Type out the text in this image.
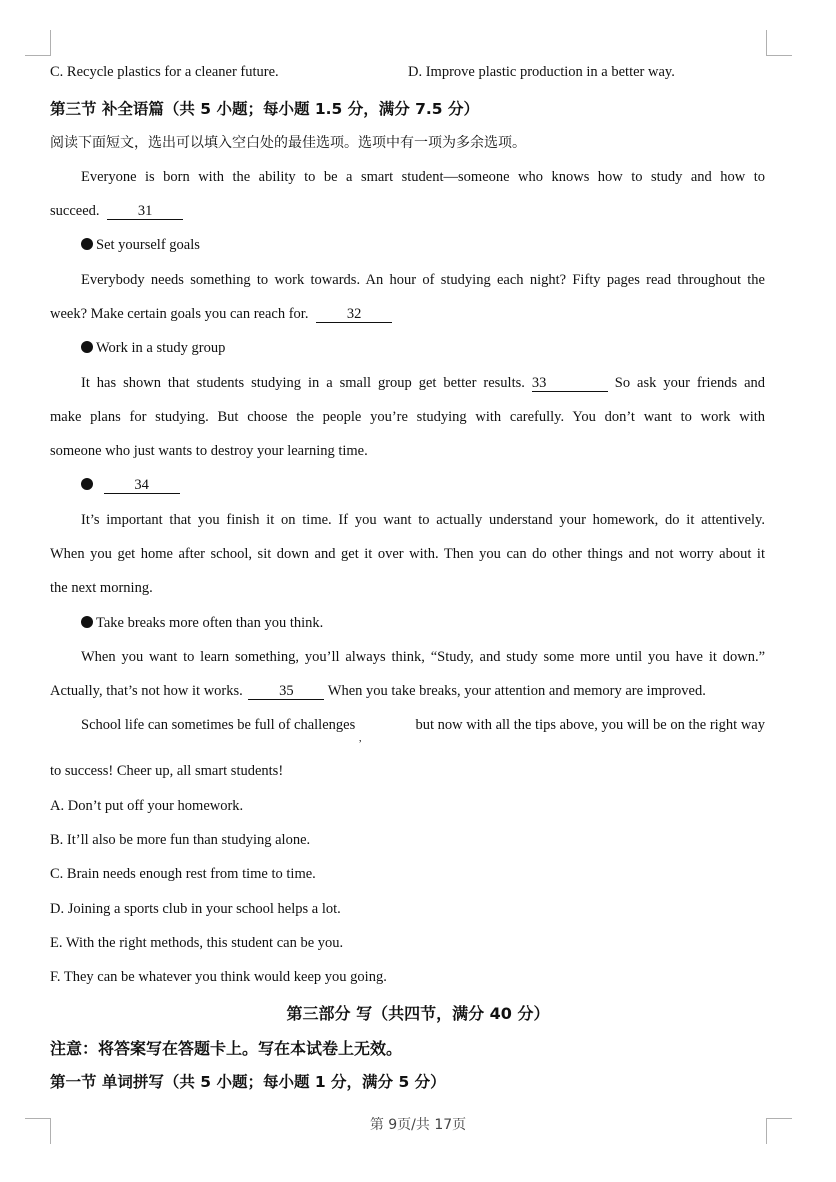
C. Recycle plastics for a cleaner future.	D. Improve plastic production in a better way.
第三节 补全语篇（共 5 小题；每小题 1.5 分，满分 7.5 分）
阅读下面短文，选出可以填入空白处的最佳选项。选项中有一项为多余选项。
Everyone is born with the ability to be a smart student—someone who knows how to study and how to
succeed.	31
Set yourself goals
Everybody needs something to work towards. An hour of studying each night? Fifty pages read throughout the
week? Make certain goals you can reach for.	32
Work in a study group
It has shown that students studying in a small group get better results. 33	So ask your friends and
make plans for studying. But choose the people you’re studying with carefully. You don’t want to work with
someone who just wants to destroy your learning time.
34
It’s important that you finish it on time. If you want to actually understand your homework, do it attentively.
When you get home after school, sit down and get it over with. Then you can do other things and not worry about it
the next morning.
Take breaks more often than you think.
When you want to learn something, you’ll always think, “Study, and study some more until you have it down.”
Actually, that’s not how it works.	35 When you take breaks, your attention and memory are improved.
School life can sometimes be full of challenges $_,$
but now with all the tips above, you will be on the right way
to success! Cheer up, all smart students!
A. Don’t put off your homework.
B. It’ll also be more fun than studying alone.
C. Brain needs enough rest from time to time.
D. Joining a sports club in your school helps a lot.
E. With the right methods, this student can be you.
F. They can be whatever you think would keep you going.
第三部分 写（共四节，满分 40 分）
注意：将答案写在答题卡上。写在本试卷上无效。
第一节 单词拼写（共 5 小题；每小题 1 分，满分 5 分）
第 9页/共 17页
